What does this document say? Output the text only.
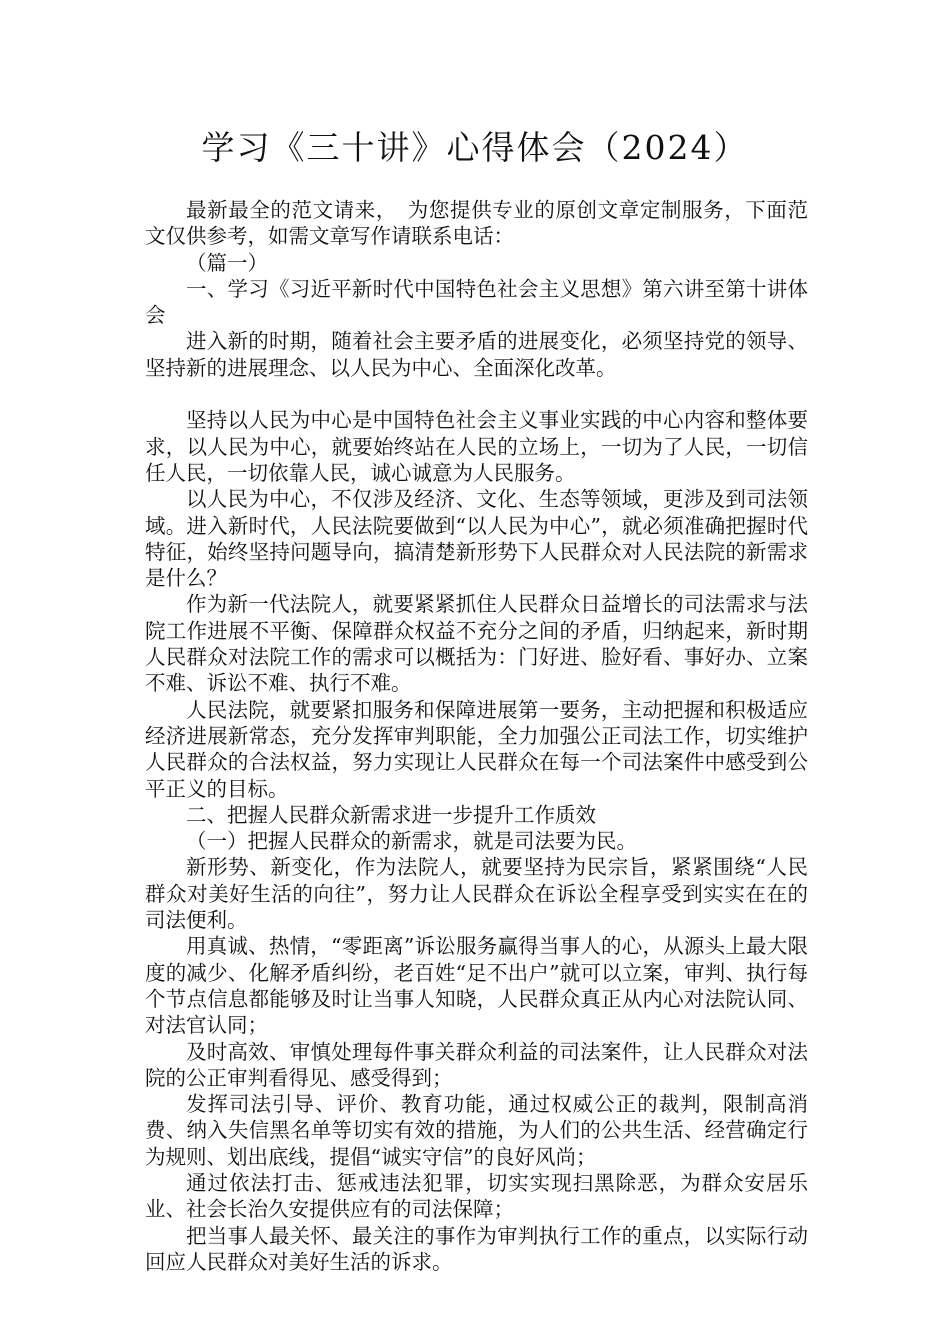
学习《三十讲》心得体会（2024）

最新最全的范文请来，　为您提供专业的原创文章定制服务，下面范文仅供参考，如需文章写作请联系电话：

（篇一）

一、学习《习近平新时代中国特色社会主义思想》第六讲至第十讲体会

进入新的时期，随着社会主要矛盾的进展变化，必须坚持党的领导、坚持新的进展理念、以人民为中心、全面深化改革。

坚持以人民为中心是中国特色社会主义事业实践的中心内容和整体要求，以人民为中心，就要始终站在人民的立场上，一切为了人民，一切信任人民，一切依靠人民，诚心诚意为人民服务。

以人民为中心，不仅涉及经济、文化、生态等领域，更涉及到司法领域。进入新时代，人民法院要做到“以人民为中心”，就必须准确把握时代特征，始终坚持问题导向，搞清楚新形势下人民群众对人民法院的新需求是什么？

作为新一代法院人，就要紧紧抓住人民群众日益增长的司法需求与法院工作进展不平衡、保障群众权益不充分之间的矛盾，归纳起来，新时期人民群众对法院工作的需求可以概括为：门好进、脸好看、事好办、立案不难、诉讼不难、执行不难。

人民法院，就要紧扣服务和保障进展第一要务，主动把握和积极适应经济进展新常态，充分发挥审判职能，全力加强公正司法工作，切实维护人民群众的合法权益，努力实现让人民群众在每一个司法案件中感受到公平正义的目标。

二、把握人民群众新需求进一步提升工作质效

（一）把握人民群众的新需求，就是司法要为民。

新形势、新变化，作为法院人，就要坚持为民宗旨，紧紧围绕“人民群众对美好生活的向往”，努力让人民群众在诉讼全程享受到实实在在的司法便利。

用真诚、热情，“零距离”诉讼服务赢得当事人的心，从源头上最大限度的减少、化解矛盾纠纷，老百姓“足不出户”就可以立案，审判、执行每个节点信息都能够及时让当事人知晓，人民群众真正从内心对法院认同、对法官认同；

及时高效、审慎处理每件事关群众利益的司法案件，让人民群众对法院的公正审判看得见、感受得到；

发挥司法引导、评价、教育功能，通过权威公正的裁判，限制高消费、纳入失信黑名单等切实有效的措施，为人们的公共生活、经营确定行为规则、划出底线，提倡“诚实守信”的良好风尚；

通过依法打击、惩戒违法犯罪，切实实现扫黑除恶，为群众安居乐业、社会长治久安提供应有的司法保障；

把当事人最关怀、最关注的事作为审判执行工作的重点，以实际行动回应人民群众对美好生活的诉求。
